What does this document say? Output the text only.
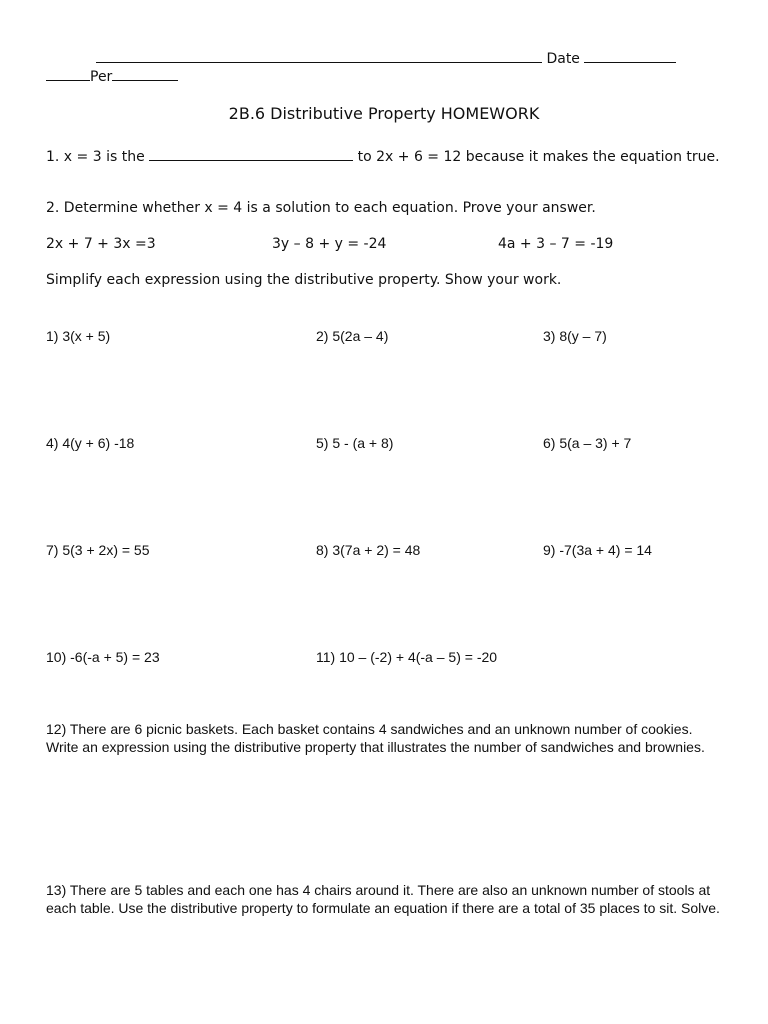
Date
Per
2B.6 Distributive Property HOMEWORK
1. x = 3 is the	to 2x + 6 = 12 because it makes the equation true.
2. Determine whether x = 4 is a solution to each equation. Prove your answer.
2x + 7 + 3x =3	3y – 8 + y = -24	4a + 3 – 7 = -19
Simplify each expression using the distributive property. Show your work.
1) 3(x + 5)	2) 5(2a – 4)	3) 8(y – 7)
4) 4(y + 6) -18	5) 5 - (a + 8)	6) 5(a – 3) + 7
7) 5(3 + 2x) = 55	8) 3(7a + 2) = 48	9) -7(3a + 4) = 14
10) -6(-a + 5) = 23	11) 10 – (-2) + 4(-a – 5) = -20
12) There are 6 picnic baskets. Each basket contains 4 sandwiches and an unknown number of cookies. Write an expression using the distributive property that illustrates the number of sandwiches and brownies.
13) There are 5 tables and each one has 4 chairs around it. There are also an unknown number of stools at each table. Use the distributive property to formulate an equation if there are a total of 35 places to sit. Solve.
